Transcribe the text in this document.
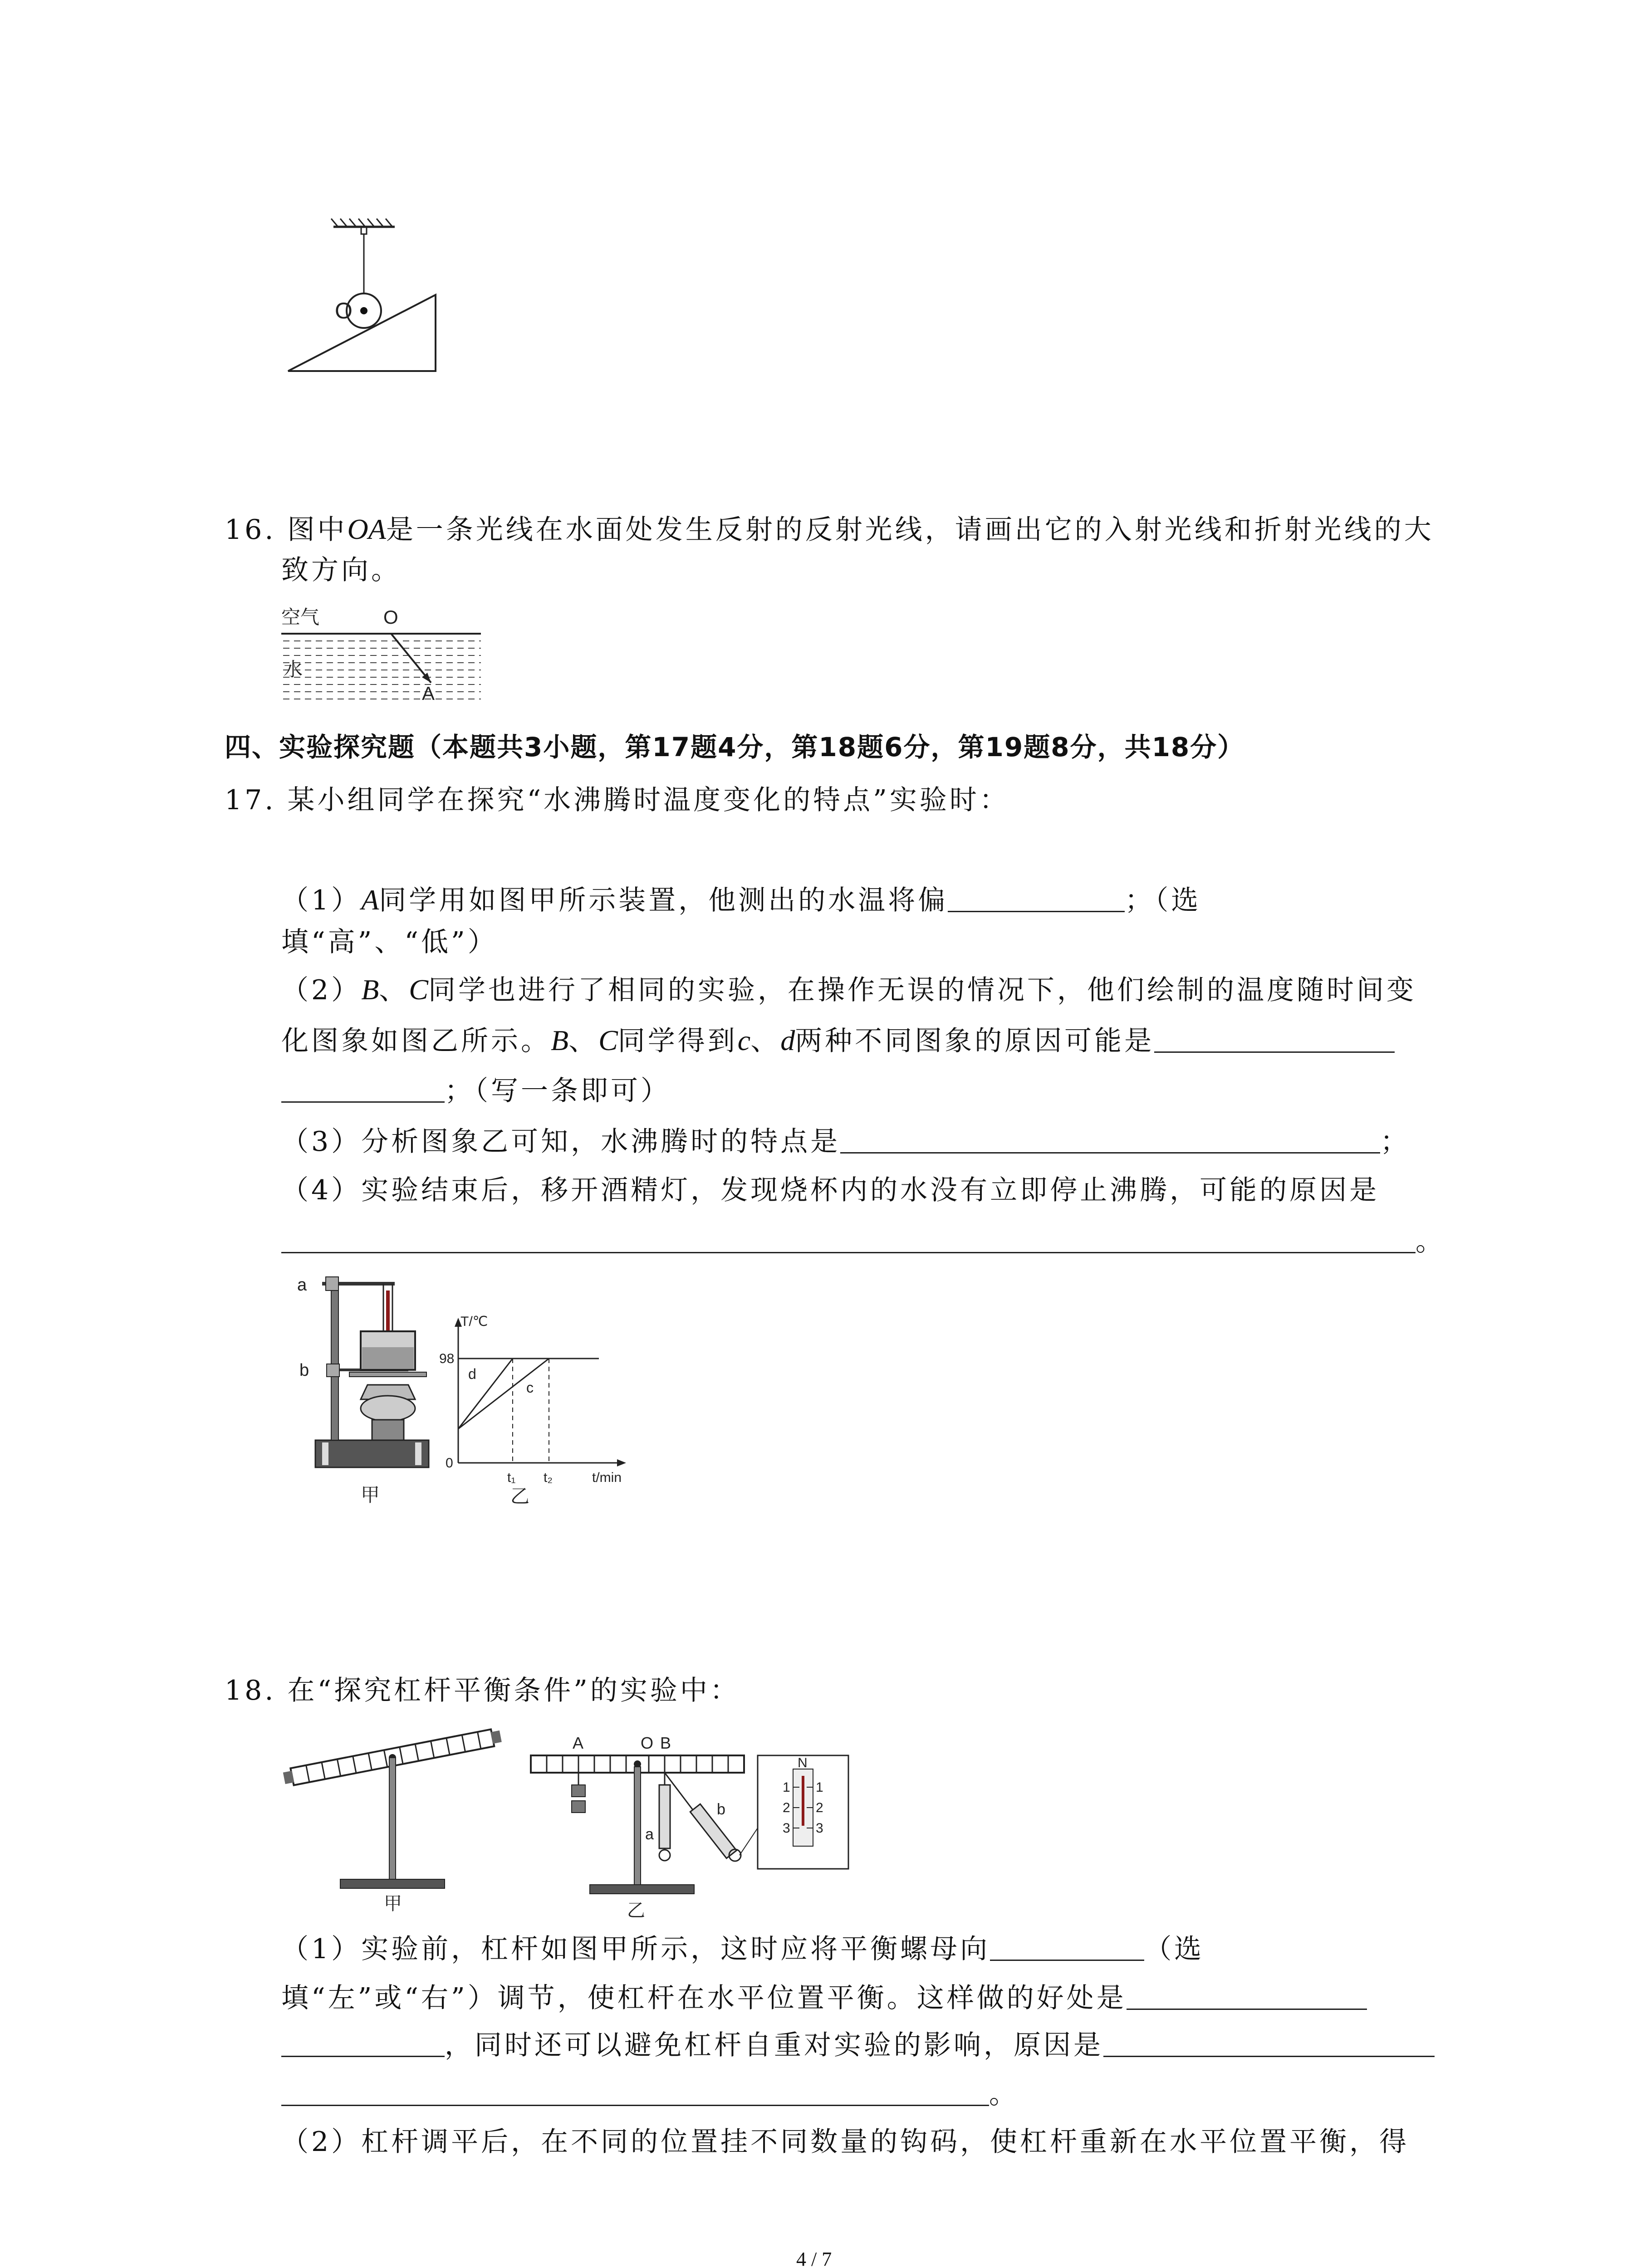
O
16. 图中OA是一条光线在水面处发生反射的反射光线，请画出它的入射光线和折射光线的大
致方向。
空气	O
水
A
四、实验探究题（本题共3小题，第17题4分，第18题6分，第19题8分，共18分）
17. 某小组同学在探究“水沸腾时温度变化的特点”实验时：
（1）A同学用如图甲所示装置，他测出的水温将偏	；（选
填“高”、“低”）
（2）B、C同学也进行了相同的实验，在操作无误的情况下，他们绘制的温度随时间变
化图象如图乙所示。B、C同学得到c、d两种不同图象的原因可能是
；（写一条即可）
（3）分析图象乙可知，水沸腾时的特点是	；
（4）实验结束后，移开酒精灯，发现烧杯内的水没有立即停止沸腾，可能的原因是
。
a
b
甲
T/℃
98
0
t₁ t₂	t/min
d
c
乙
18. 在“探究杠杆平衡条件”的实验中：
甲
N
1
2
3
1
2
3
A	O B
a
b
乙
（1）实验前，杠杆如图甲所示，这时应将平衡螺母向	（选
填“左”或“右”）调节，使杠杆在水平位置平衡。这样做的好处是
，同时还可以避免杠杆自重对实验的影响，原因是
。
（2）杠杆调平后，在不同的位置挂不同数量的钩码，使杠杆重新在水平位置平衡，得
4 / 7
